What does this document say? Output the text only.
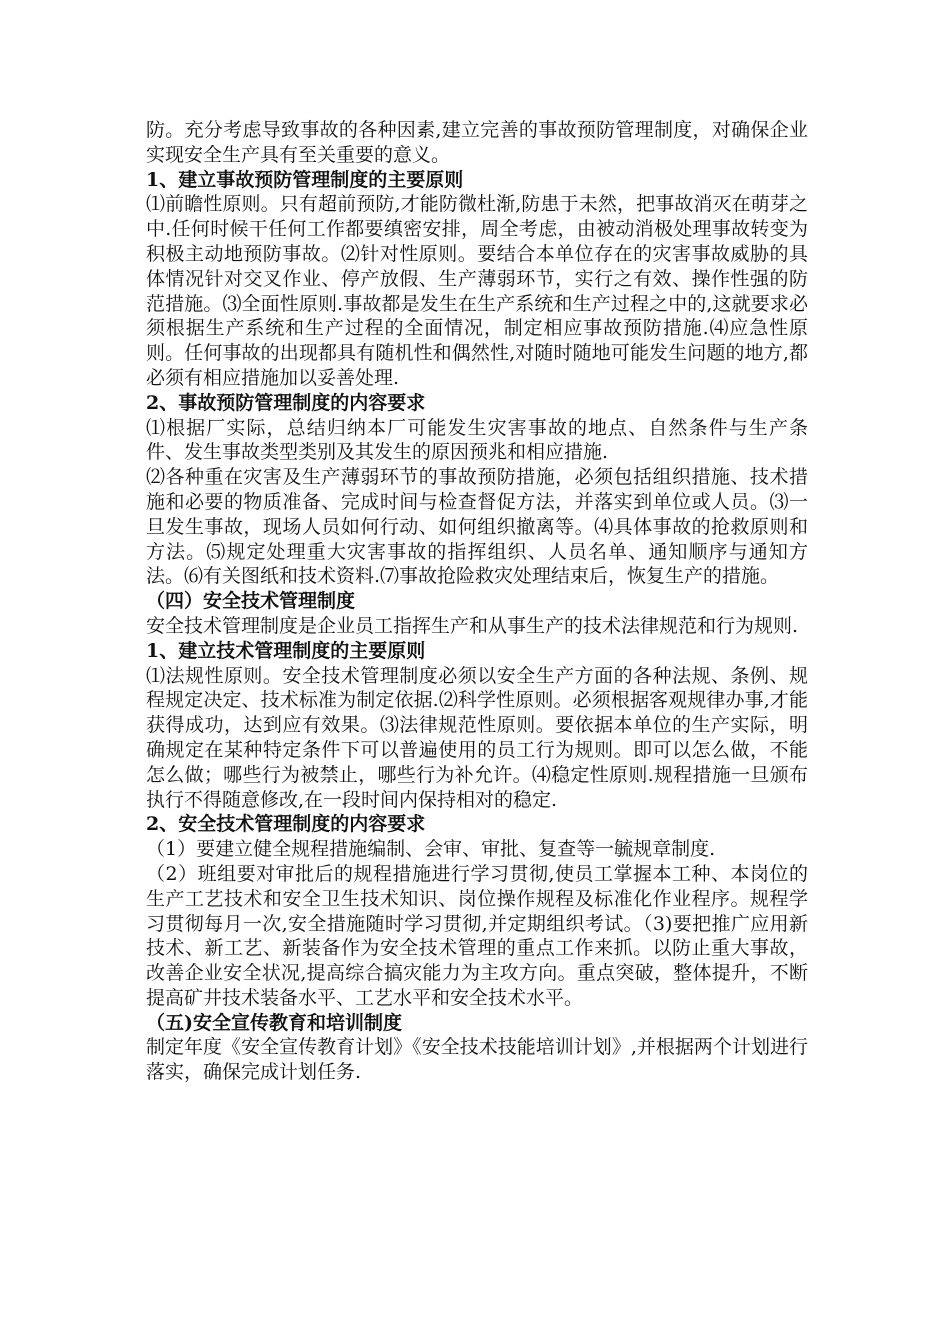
防。充分考虑导致事故的各种因素,建立完善的事故预防管理制度，对确保企业实现安全生产具有至关重要的意义。

1、建立事故预防管理制度的主要原则

⑴前瞻性原则。只有超前预防,才能防微杜渐,防患于未然，把事故消灭在萌芽之中.任何时候干任何工作都要缜密安排，周全考虑，由被动消极处理事故转变为积极主动地预防事故。⑵针对性原则。要结合本单位存在的灾害事故威胁的具体情况针对交叉作业、停产放假、生产薄弱环节，实行之有效、操作性强的防范措施。⑶全面性原则.事故都是发生在生产系统和生产过程之中的,这就要求必须根据生产系统和生产过程的全面情况，制定相应事故预防措施.⑷应急性原则。任何事故的出现都具有随机性和偶然性,对随时随地可能发生问题的地方,都必须有相应措施加以妥善处理.

2、事故预防管理制度的内容要求

⑴根据厂实际，总结归纳本厂可能发生灾害事故的地点、自然条件与生产条件、发生事故类型类别及其发生的原因预兆和相应措施.

⑵各种重在灾害及生产薄弱环节的事故预防措施，必须包括组织措施、技术措施和必要的物质准备、完成时间与检查督促方法，并落实到单位或人员。⑶一旦发生事故，现场人员如何行动、如何组织撤离等。⑷具体事故的抢救原则和方法。⑸规定处理重大灾害事故的指挥组织、人员名单、通知顺序与通知方法。⑹有关图纸和技术资料.⑺事故抢险救灾处理结束后，恢复生产的措施。

（四）安全技术管理制度

安全技术管理制度是企业员工指挥生产和从事生产的技术法律规范和行为规则.

1、建立技术管理制度的主要原则

⑴法规性原则。安全技术管理制度必须以安全生产方面的各种法规、条例、规程规定决定、技术标准为制定依据.⑵科学性原则。必须根据客观规律办事,才能获得成功，达到应有效果。⑶法律规范性原则。要依据本单位的生产实际，明确规定在某种特定条件下可以普遍使用的员工行为规则。即可以怎么做，不能怎么做；哪些行为被禁止，哪些行为补允许。⑷稳定性原则.规程措施一旦颁布执行不得随意修改,在一段时间内保持相对的稳定.

2、安全技术管理制度的内容要求

（1）要建立健全规程措施编制、会审、审批、复查等一毓规章制度.

（2）班组要对审批后的规程措施进行学习贯彻,使员工掌握本工种、本岗位的生产工艺技术和安全卫生技术知识、岗位操作规程及标准化作业程序。规程学习贯彻每月一次,安全措施随时学习贯彻,并定期组织考试。（3)要把推广应用新技术、新工艺、新装备作为安全技术管理的重点工作来抓。以防止重大事故，改善企业安全状况,提高综合搞灾能力为主攻方向。重点突破，整体提升，不断提高矿井技术装备水平、工艺水平和安全技术水平。

（五)安全宣传教育和培训制度

制定年度《安全宣传教育计划》《安全技术技能培训计划》,并根据两个计划进行落实，确保完成计划任务.
